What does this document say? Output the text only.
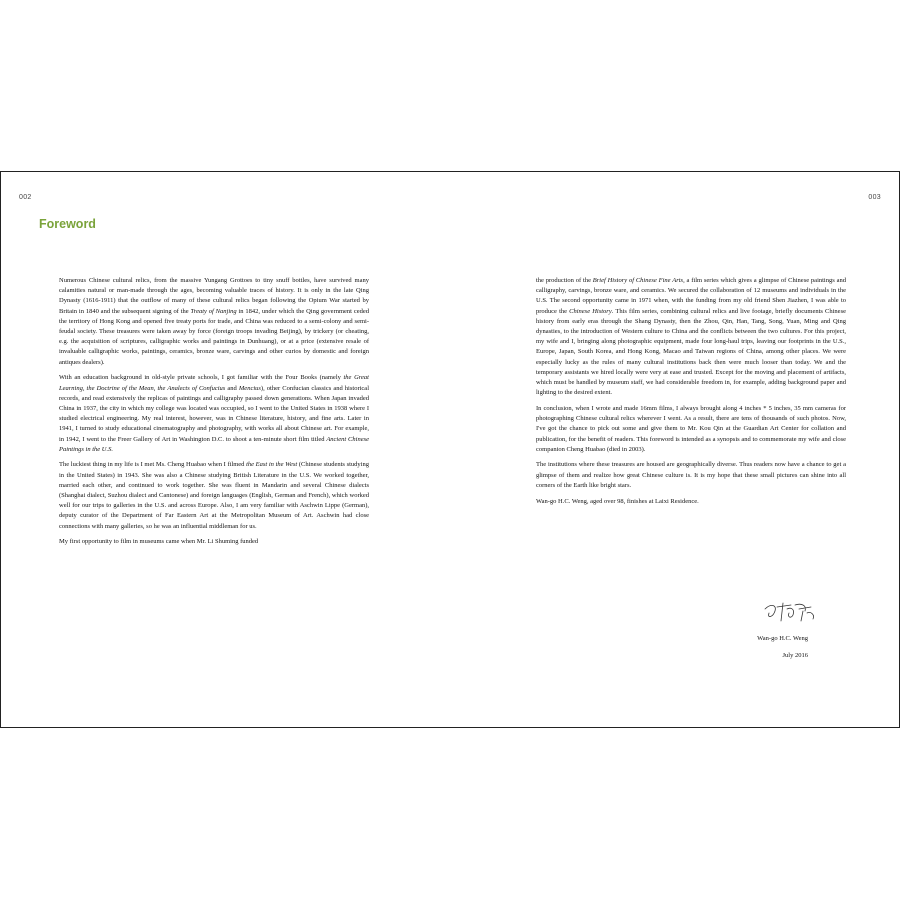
002	003
Foreword

Numerous Chinese cultural relics, from the massive Yungang Grottoes to tiny snuff bottles, have survived many calamities natural or man-made through the ages, becoming valuable traces of history. It is only in the late Qing Dynasty (1616-1911) that the outflow of many of these cultural relics began following the Opium War started by Britain in 1840 and the subsequent signing of the Treaty of Nanjing in 1842, under which the Qing government ceded the territory of Hong Kong and opened five treaty ports for trade, and China was reduced to a semi-colony and semi-feudal society. These treasures were taken away by force (foreign troops invading Beijing), by trickery (or cheating, e.g. the acquisition of scriptures, calligraphic works and paintings in Dunhuang), or at a price (extensive resale of invaluable calligraphic works, paintings, ceramics, bronze ware, carvings and other curios by domestic and foreign antiques dealers).

With an education background in old-style private schools, I got familiar with the Four Books (namely the Great Learning, the Doctrine of the Mean, the Analects of Confucius and Mencius), other Confucian classics and historical records, and read extensively the replicas of paintings and calligraphy passed down generations. When Japan invaded China in 1937, the city in which my college was located was occupied, so I went to the United States in 1938 where I studied electrical engineering. My real interest, however, was in Chinese literature, history, and fine arts. Later in 1941, I turned to study educational cinematography and photography, with works all about Chinese art. For example, in 1942, I went to the Freer Gallery of Art in Washington D.C. to shoot a ten-minute short film titled Ancient Chinese Paintings in the U.S.

The luckiest thing in my life is I met Ms. Cheng Huabao when I filmed the East in the West (Chinese students studying in the United States) in 1943. She was also a Chinese studying British Literature in the U.S. We worked together, married each other, and continued to work together. She was fluent in Mandarin and several Chinese dialects (Shanghai dialect, Suzhou dialect and Cantonese) and foreign languages (English, German and French), which worked well for our trips to galleries in the U.S. and across Europe. Also, I am very familiar with Aschwin Lippe (German), deputy curator of the Department of Far Eastern Art at the Metropolitan Museum of Art. Aschwin had close connections with many galleries, so he was an influential middleman for us.

My first opportunity to film in museums came when Mr. Li Shuming funded

the production of the Brief History of Chinese Fine Arts, a film series which gives a glimpse of Chinese paintings and calligraphy, carvings, bronze ware, and ceramics. We secured the collaboration of 12 museums and individuals in the U.S. The second opportunity came in 1971 when, with the funding from my old friend Shen Jiazhen, I was able to produce the Chinese History. This film series, combining cultural relics and live footage, briefly documents Chinese history from early eras through the Shang Dynasty, then the Zhou, Qin, Han, Tang, Song, Yuan, Ming and Qing dynasties, to the introduction of Western culture to China and the conflicts between the two cultures. For this project, my wife and I, bringing along photographic equipment, made four long-haul trips, leaving our footprints in the U.S., Europe, Japan, South Korea, and Hong Kong, Macao and Taiwan regions of China, among other places. We were especially lucky as the rules of many cultural institutions back then were much looser than today. We and the temporary assistants we hired locally were very at ease and trusted. Except for the moving and placement of artifacts, which must be handled by museum staff, we had considerable freedom in, for example, adding background paper and lighting to the desired extent.

In conclusion, when I wrote and made 16mm films, I always brought along 4 inches * 5 inches, 35 mm cameras for photographing Chinese cultural relics wherever I went. As a result, there are tens of thousands of such photos. Now, I've got the chance to pick out some and give them to Mr. Kou Qin at the Guardian Art Center for collation and publication, for the benefit of readers. This foreword is intended as a synopsis and to commemorate my wife and close companion Cheng Huabao (died in 2003).

The institutions where these treasures are housed are geographically diverse. Thus readers now have a chance to get a glimpse of them and realize how great Chinese culture is. It is my hope that these small pictures can shine into all corners of the Earth like bright stars.

Wan-go H.C. Weng, aged over 98, finishes at Laixi Residence.

Wan-go H.C. Weng
July 2016
